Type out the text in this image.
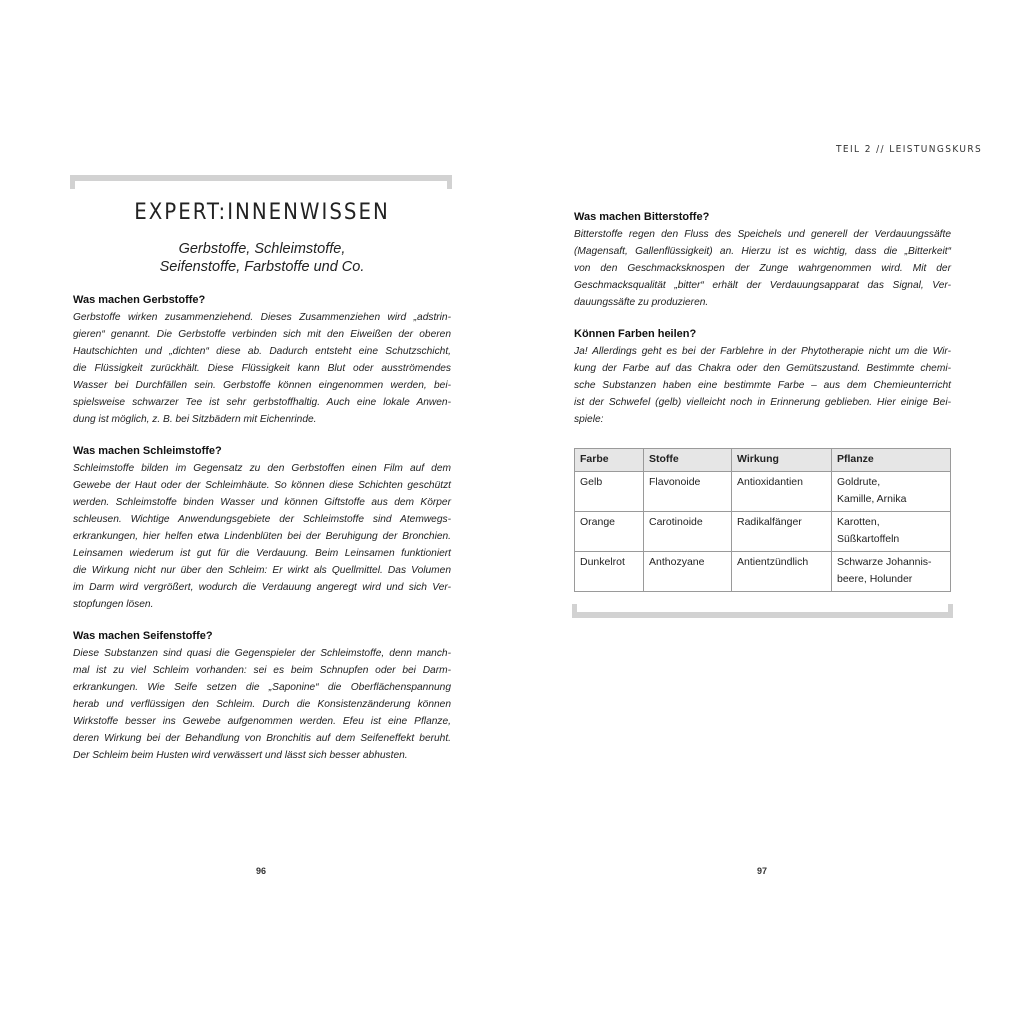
TEIL 2 // LEISTUNGSKURS
EXPERT:INNENWISSEN
Gerbstoffe, Schleimstoffe,
Seifenstoffe, Farbstoffe und Co.
Was machen Gerbstoffe?
Gerbstoffe wirken zusammenziehend. Dieses Zusammenziehen wird „adstrin-
gieren“ genannt. Die Gerbstoffe verbinden sich mit den Eiweißen der oberen
Hautschichten und „dichten“ diese ab. Dadurch entsteht eine Schutzschicht,
die Flüssigkeit zurückhält. Diese Flüssigkeit kann Blut oder ausströmendes
Wasser bei Durchfällen sein. Gerbstoffe können eingenommen werden, bei-
spielsweise schwarzer Tee ist sehr gerbstoffhaltig. Auch eine lokale Anwen-
dung ist möglich, z. B. bei Sitzbädern mit Eichenrinde.
Was machen Schleimstoffe?
Schleimstoffe bilden im Gegensatz zu den Gerbstoffen einen Film auf dem
Gewebe der Haut oder der Schleimhäute. So können diese Schichten geschützt
werden. Schleimstoffe binden Wasser und können Giftstoffe aus dem Körper
schleusen. Wichtige Anwendungsgebiete der Schleimstoffe sind Atemwegs-
erkrankungen, hier helfen etwa Lindenblüten bei der Beruhigung der Bronchien.
Leinsamen wiederum ist gut für die Verdauung. Beim Leinsamen funktioniert
die Wirkung nicht nur über den Schleim: Er wirkt als Quellmittel. Das Volumen
im Darm wird vergrößert, wodurch die Verdauung angeregt wird und sich Ver-
stopfungen lösen.
Was machen Seifenstoffe?
Diese Substanzen sind quasi die Gegenspieler der Schleimstoffe, denn manch-
mal ist zu viel Schleim vorhanden: sei es beim Schnupfen oder bei Darm-
erkrankungen. Wie Seife setzen die „Saponine“ die Oberflächenspannung
herab und verflüssigen den Schleim. Durch die Konsistenzänderung können
Wirkstoffe besser ins Gewebe aufgenommen werden. Efeu ist eine Pflanze,
deren Wirkung bei der Behandlung von Bronchitis auf dem Seifeneffekt beruht.
Der Schleim beim Husten wird verwässert und lässt sich besser abhusten.
Was machen Bitterstoffe?
Bitterstoffe regen den Fluss des Speichels und generell der Verdauungssäfte
(Magensaft, Gallenflüssigkeit) an. Hierzu ist es wichtig, dass die „Bitterkeit“
von den Geschmacksknospen der Zunge wahrgenommen wird. Mit der
Geschmacksqualität „bitter“ erhält der Verdauungsapparat das Signal, Ver-
dauungssäfte zu produzieren.
Können Farben heilen?
Ja! Allerdings geht es bei der Farblehre in der Phytotherapie nicht um die Wir-
kung der Farbe auf das Chakra oder den Gemütszustand. Bestimmte chemi-
sche Substanzen haben eine bestimmte Farbe – aus dem Chemieunterricht
ist der Schwefel (gelb) vielleicht noch in Erinnerung geblieben. Hier einige Bei-
spiele:
Farbe	Stoffe	Wirkung	Pflanze
Gelb	Flavonoide	Antioxidantien	Goldrute,
Kamille, Arnika

Orange	Carotinoide	Radikalfänger	Karotten,
Süßkartoffeln

Dunkelrot	Anthozyane	Antientzündlich	Schwarze Johannis-
beere, Holunder
96	97
